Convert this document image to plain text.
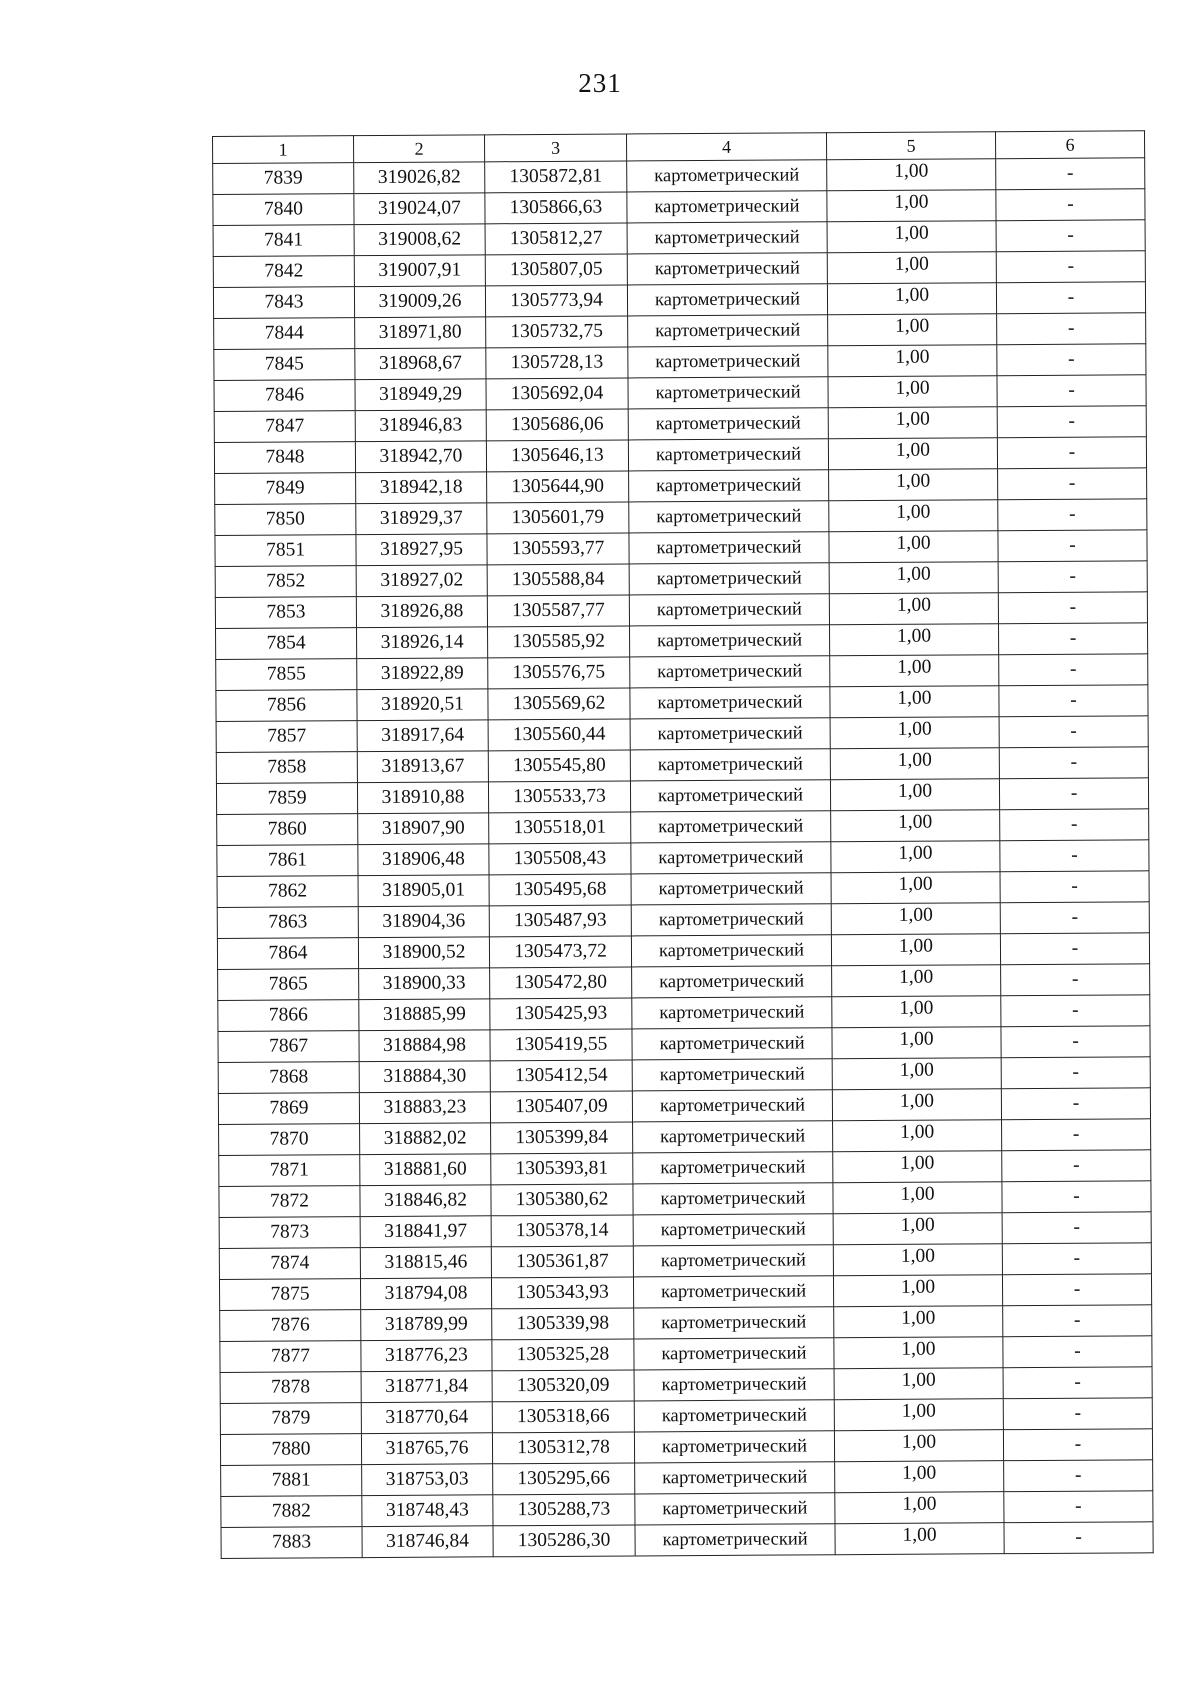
231
1	2	3	4	5	6
7839	319026,82	1305872,81	картометрический	1,00	-
7840	319024,07	1305866,63	картометрический	1,00	-
7841	319008,62	1305812,27	картометрический	1,00	-
7842	319007,91	1305807,05	картометрический	1,00	-
7843	319009,26	1305773,94	картометрический	1,00	-
7844	318971,80	1305732,75	картометрический	1,00	-
7845	318968,67	1305728,13	картометрический	1,00	-
7846	318949,29	1305692,04	картометрический	1,00	-
7847	318946,83	1305686,06	картометрический	1,00	-
7848	318942,70	1305646,13	картометрический	1,00	-
7849	318942,18	1305644,90	картометрический	1,00	-
7850	318929,37	1305601,79	картометрический	1,00	-
7851	318927,95	1305593,77	картометрический	1,00	-
7852	318927,02	1305588,84	картометрический	1,00	-
7853	318926,88	1305587,77	картометрический	1,00	-
7854	318926,14	1305585,92	картометрический	1,00	-
7855	318922,89	1305576,75	картометрический	1,00	-
7856	318920,51	1305569,62	картометрический	1,00	-
7857	318917,64	1305560,44	картометрический	1,00	-
7858	318913,67	1305545,80	картометрический	1,00	-
7859	318910,88	1305533,73	картометрический	1,00	-
7860	318907,90	1305518,01	картометрический	1,00	-
7861	318906,48	1305508,43	картометрический	1,00	-
7862	318905,01	1305495,68	картометрический	1,00	-
7863	318904,36	1305487,93	картометрический	1,00	-
7864	318900,52	1305473,72	картометрический	1,00	-
7865	318900,33	1305472,80	картометрический	1,00	-
7866	318885,99	1305425,93	картометрический	1,00	-
7867	318884,98	1305419,55	картометрический	1,00	-
7868	318884,30	1305412,54	картометрический	1,00	-
7869	318883,23	1305407,09	картометрический	1,00	-
7870	318882,02	1305399,84	картометрический	1,00	-
7871	318881,60	1305393,81	картометрический	1,00	-
7872	318846,82	1305380,62	картометрический	1,00	-
7873	318841,97	1305378,14	картометрический	1,00	-
7874	318815,46	1305361,87	картометрический	1,00	-
7875	318794,08	1305343,93	картометрический	1,00	-
7876	318789,99	1305339,98	картометрический	1,00	-
7877	318776,23	1305325,28	картометрический	1,00	-
7878	318771,84	1305320,09	картометрический	1,00	-
7879	318770,64	1305318,66	картометрический	1,00	-
7880	318765,76	1305312,78	картометрический	1,00	-
7881	318753,03	1305295,66	картометрический	1,00	-
7882	318748,43	1305288,73	картометрический	1,00	-
7883	318746,84	1305286,30	картометрический	1,00	-
